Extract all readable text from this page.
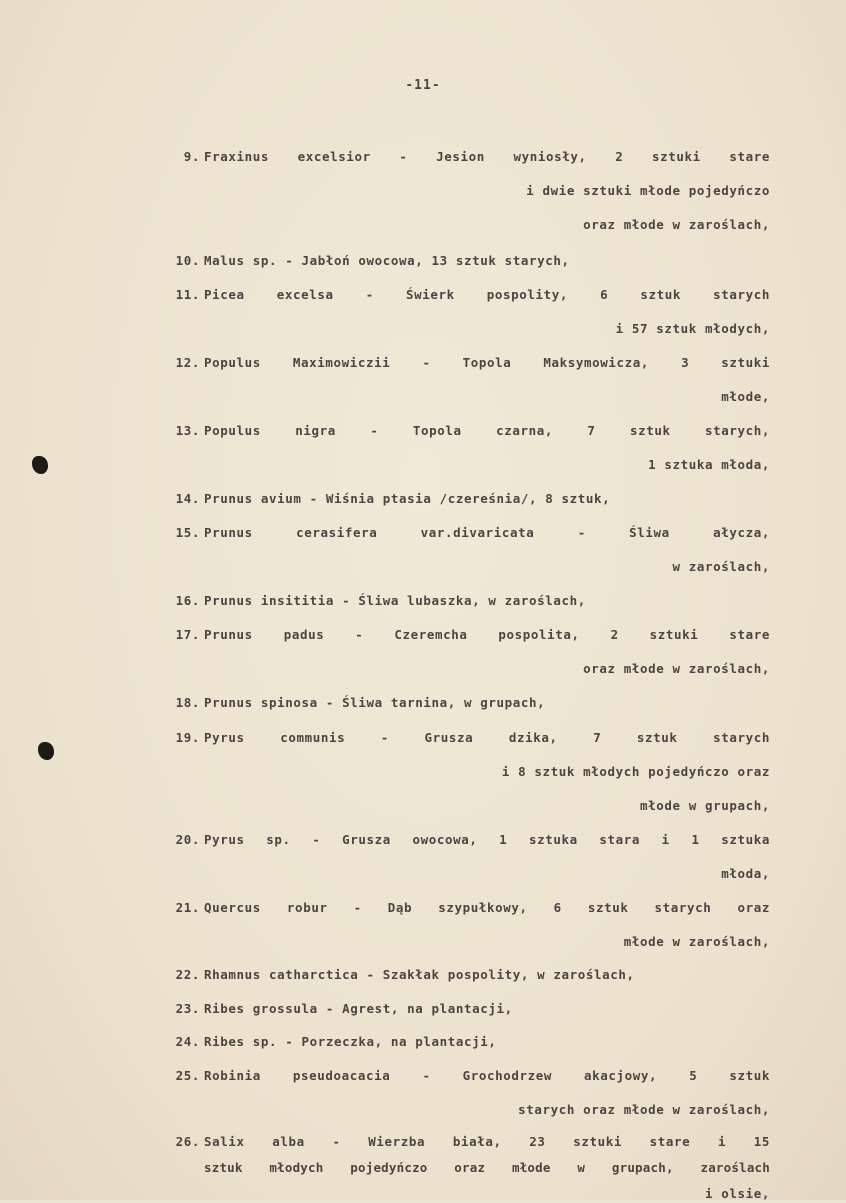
-11-
9. Fraxinus excelsior - Jesion wyniosły, 2 sztuki stare
i dwie sztuki młode pojedyńczo
oraz młode w zaroślach,
10. Malus sp. - Jabłoń owocowa, 13 sztuk starych,
11. Picea excelsa - Świerk pospolity, 6 sztuk starych
i 57 sztuk młodych,
12. Populus Maximowiczii - Topola Maksymowicza, 3 sztuki
młode,
13. Populus nigra - Topola czarna, 7 sztuk starych,
1 sztuka młoda,
14. Prunus avium - Wiśnia ptasia /czereśnia/, 8 sztuk,
15. Prunus cerasifera var.divaricata - Śliwa ałycza,
w zaroślach,
16. Prunus insititia - Śliwa lubaszka, w zaroślach,
17. Prunus padus - Czeremcha pospolita, 2 sztuki stare
oraz młode w zaroślach,
18. Prunus spinosa - Śliwa tarnina, w grupach,
19. Pyrus communis - Grusza dzika, 7 sztuk starych
i 8 sztuk młodych pojedyńczo oraz
młode w grupach,
20. Pyrus sp. - Grusza owocowa, 1 sztuka stara i 1 sztuka
młoda,
21. Quercus robur - Dąb szypułkowy, 6 sztuk starych oraz
młode w zaroślach,
22. Rhamnus catharctica - Szakłak pospolity, w zaroślach,
23. Ribes grossula - Agrest, na plantacji,
24. Ribes sp. - Porzeczka, na plantacji,
25. Robinia pseudoacacia - Grochodrzew akacjowy, 5 sztuk
starych oraz młode w zaroślach,
26. Salix alba - Wierzba biała, 23 sztuki stare i 15
sztuk młodych pojedyńczo oraz młode w grupach, zaroślach
i olsie,
